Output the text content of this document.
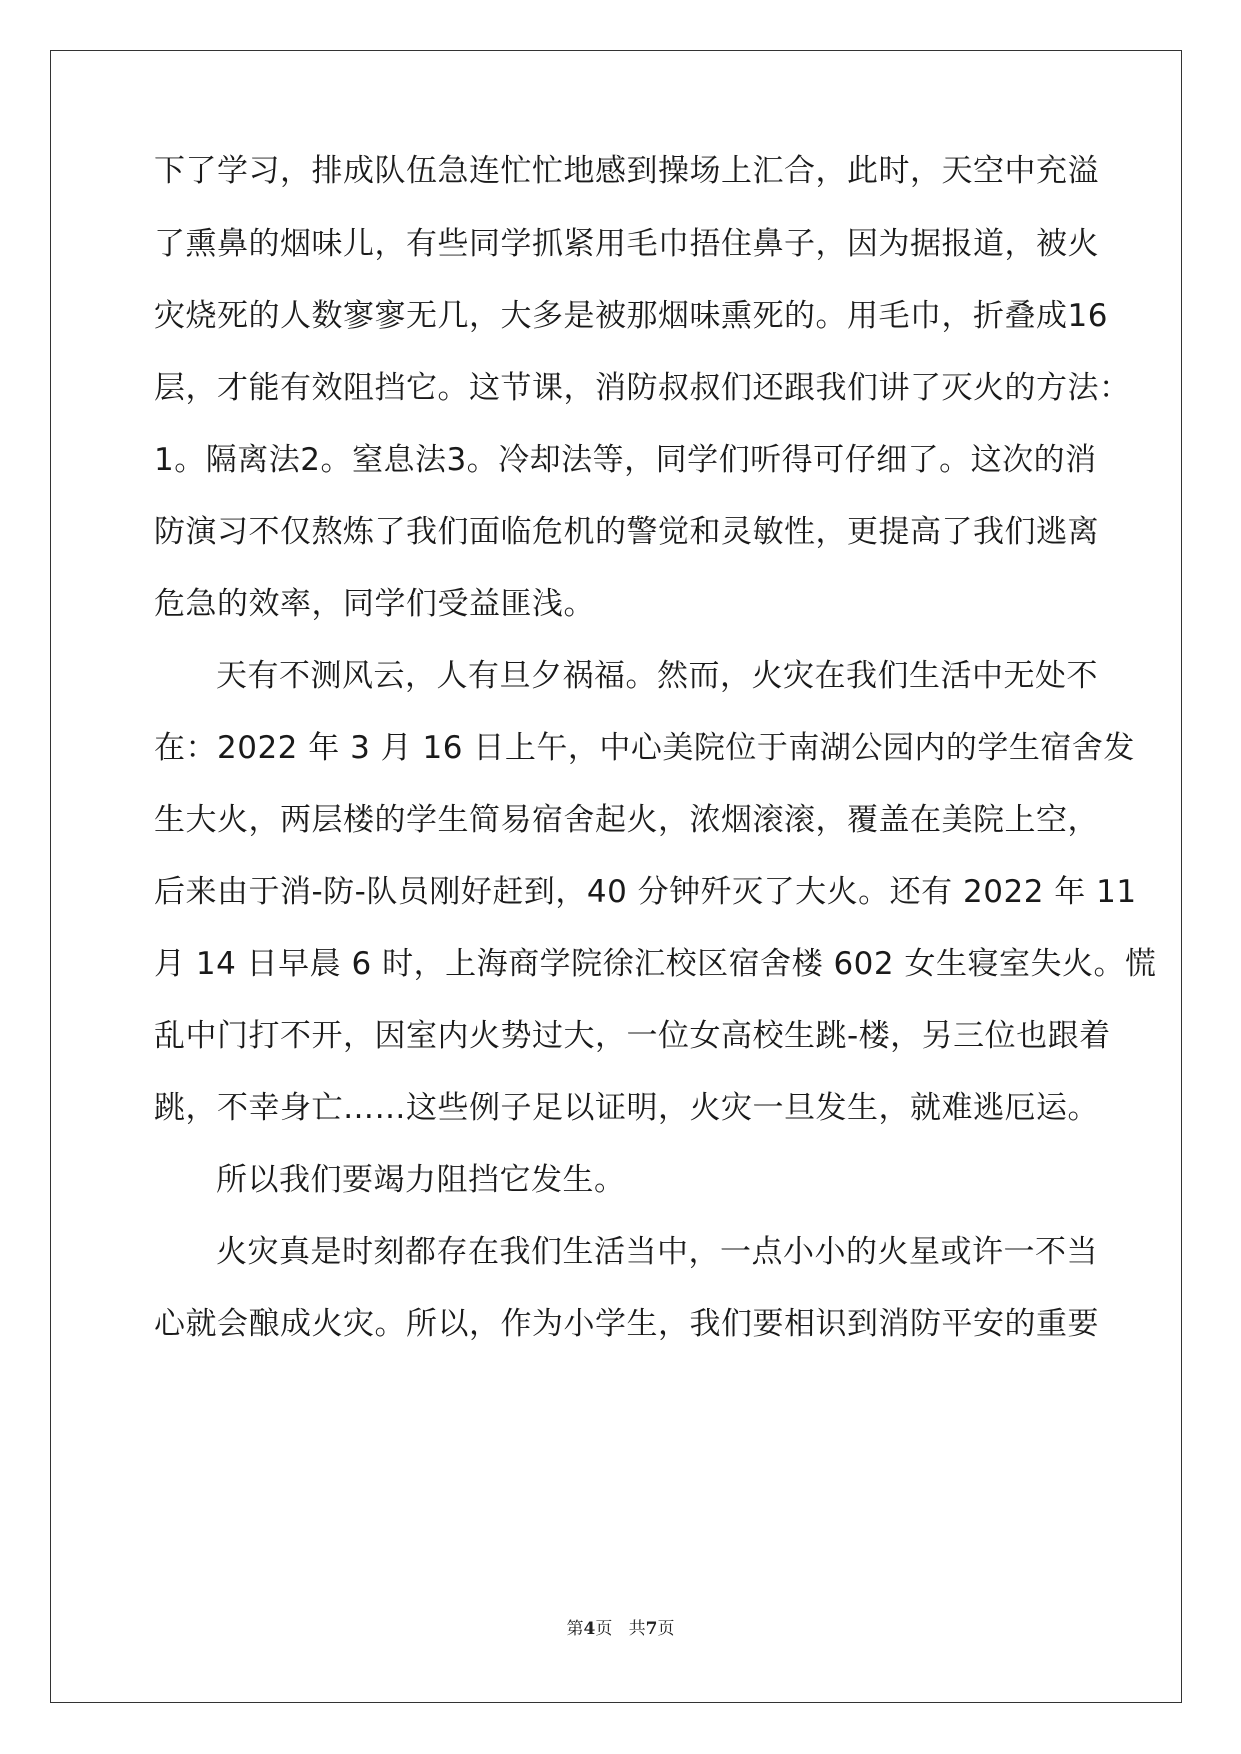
下了学习，排成队伍急连忙忙地感到操场上汇合，此时，天空中充溢
了熏鼻的烟味儿，有些同学抓紧用毛巾捂住鼻子，因为据报道，被火
灾烧死的人数寥寥无几，大多是被那烟味熏死的。用毛巾，折叠成16
层，才能有效阻挡它。这节课，消防叔叔们还跟我们讲了灭火的方法：
1。隔离法2。窒息法3。冷却法等，同学们听得可仔细了。这次的消
防演习不仅熬炼了我们面临危机的警觉和灵敏性，更提高了我们逃离
危急的效率，同学们受益匪浅。
天有不测风云，人有旦夕祸福。然而，火灾在我们生活中无处不
在：2022 年 3 月 16 日上午，中心美院位于南湖公园内的学生宿舍发
生大火，两层楼的学生简易宿舍起火，浓烟滚滚，覆盖在美院上空，
后来由于消-防-队员刚好赶到，40 分钟歼灭了大火。还有 2022 年 11
月 14 日早晨 6 时，上海商学院徐汇校区宿舍楼 602 女生寝室失火。慌
乱中门打不开，因室内火势过大，一位女高校生跳-楼，另三位也跟着
跳，不幸身亡……这些例子足以证明，火灾一旦发生，就难逃厄运。
所以我们要竭力阻挡它发生。
火灾真是时刻都存在我们生活当中，一点小小的火星或许一不当
心就会酿成火灾。所以，作为小学生，我们要相识到消防平安的重要
第4页 共7页
